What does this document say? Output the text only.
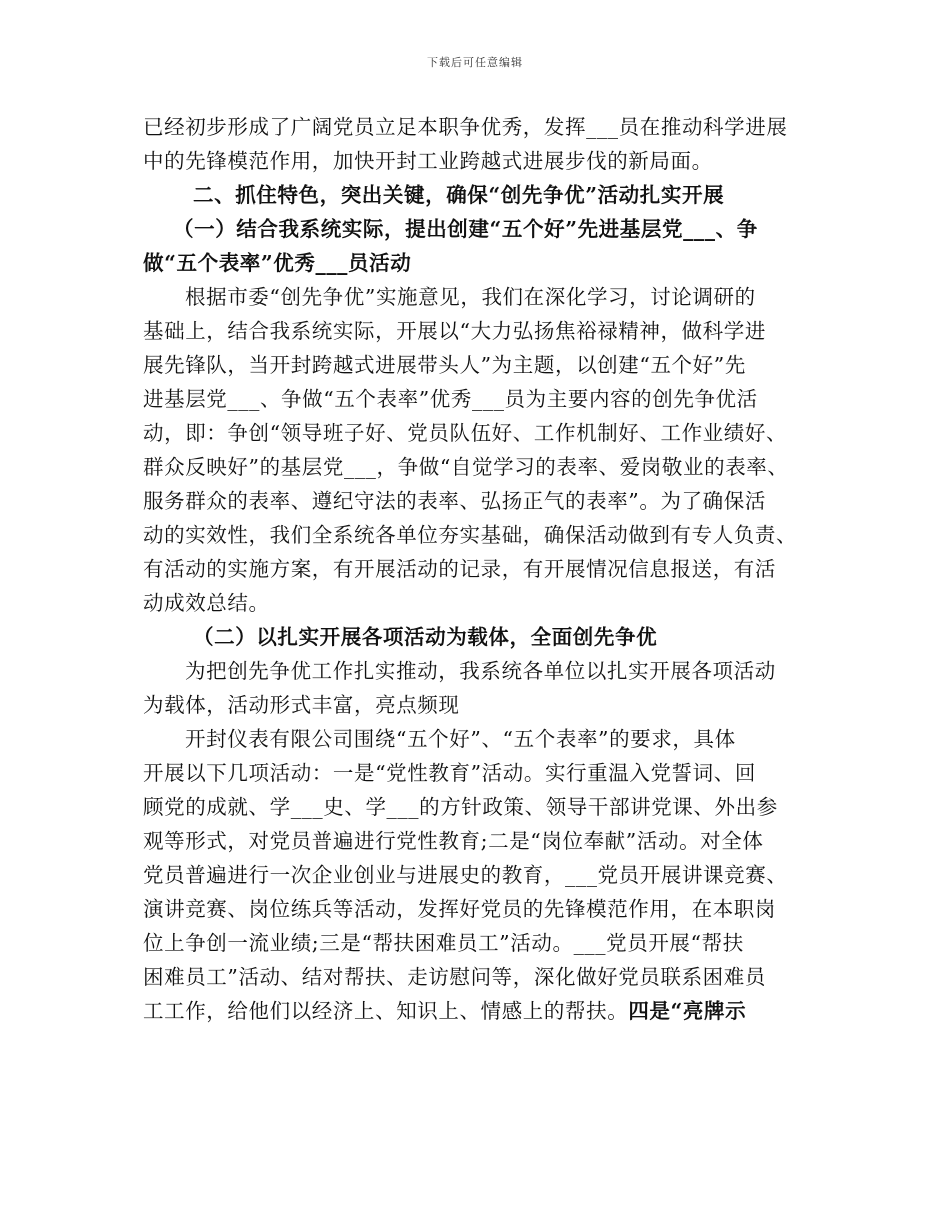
下载后可任意编辑
已经初步形成了广阔党员立足本职争优秀，发挥___员在推动科学进展
中的先锋模范作用，加快开封工业跨越式进展步伐的新局面。
二、抓住特色，突出关键，确保“创先争优”活动扎实开展
（一）结合我系统实际，提出创建“五个好”先进基层党___、争
做“五个表率”优秀___员活动
根据市委“创先争优”实施意见，我们在深化学习，讨论调研的
基础上，结合我系统实际，开展以“大力弘扬焦裕禄精神，做科学进
展先锋队，当开封跨越式进展带头人”为主题，以创建“五个好”先
进基层党___、争做“五个表率”优秀___员为主要内容的创先争优活
动，即：争创“领导班子好、党员队伍好、工作机制好、工作业绩好、
群众反映好”的基层党___，争做“自觉学习的表率、爱岗敬业的表率、
服务群众的表率、遵纪守法的表率、弘扬正气的表率”。为了确保活
动的实效性，我们全系统各单位夯实基础，确保活动做到有专人负责、
有活动的实施方案，有开展活动的记录，有开展情况信息报送，有活
动成效总结。
（二）以扎实开展各项活动为载体，全面创先争优
为把创先争优工作扎实推动，我系统各单位以扎实开展各项活动
为载体，活动形式丰富，亮点频现
开封仪表有限公司围绕“五个好”、“五个表率”的要求，具体
开展以下几项活动：一是“党性教育”活动。实行重温入党誓词、回
顾党的成就、学___史、学___的方针政策、领导干部讲党课、外出参
观等形式，对党员普遍进行党性教育;二是“岗位奉献”活动。对全体
党员普遍进行一次企业创业与进展史的教育，___党员开展讲课竞赛、
演讲竞赛、岗位练兵等活动，发挥好党员的先锋模范作用，在本职岗
位上争创一流业绩;三是“帮扶困难员工”活动。___党员开展“帮扶
困难员工”活动、结对帮扶、走访慰问等，深化做好党员联系困难员
工工作，给他们以经济上、知识上、情感上的帮扶。四是“亮牌示
